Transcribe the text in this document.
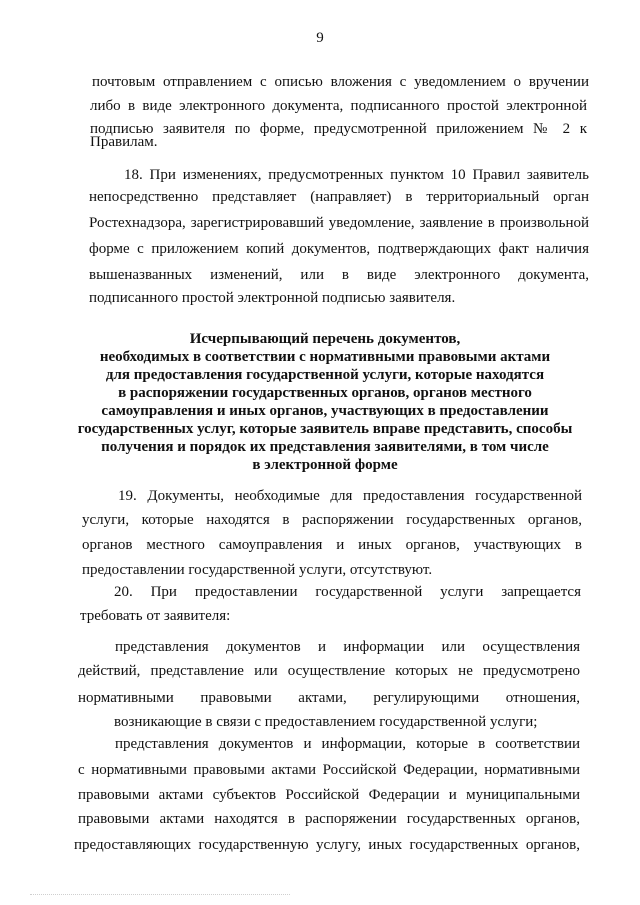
9
почтовым отправлением с описью вложения с уведомлением о вручении
либо в виде электронного документа, подписанного простой электронной
подписью заявителя по форме, предусмотренной приложением № 2 к
Правилам.
18. При изменениях, предусмотренных пунктом 10 Правил заявитель
непосредственно представляет (направляет) в территориальный орган
Ростехнадзора, зарегистрировавший уведомление, заявление в произвольной
форме с приложением копий документов, подтверждающих факт наличия
вышеназванных изменений, или в виде электронного документа,
подписанного простой электронной подписью заявителя.
Исчерпывающий перечень документов,
необходимых в соответствии с нормативными правовыми актами
для предоставления государственной услуги, которые находятся
в распоряжении государственных органов, органов местного
самоуправления и иных органов, участвующих в предоставлении
государственных услуг, которые заявитель вправе представить, способы
получения и порядок их представления заявителями, в том числе
в электронной форме
19. Документы, необходимые для предоставления государственной
услуги, которые находятся в распоряжении государственных органов,
органов местного самоуправления и иных органов, участвующих в
предоставлении государственной услуги, отсутствуют.
20. При предоставлении государственной услуги запрещается
требовать от заявителя:
представления документов и информации или осуществления
действий, представление или осуществление которых не предусмотрено
нормативными правовыми актами, регулирующими отношения,
возникающие в связи с предоставлением государственной услуги;
представления документов и информации, которые в соответствии
с нормативными правовыми актами Российской Федерации, нормативными
правовыми актами субъектов Российской Федерации и муниципальными
правовыми актами находятся в распоряжении государственных органов,
предоставляющих государственную услугу, иных государственных органов,
